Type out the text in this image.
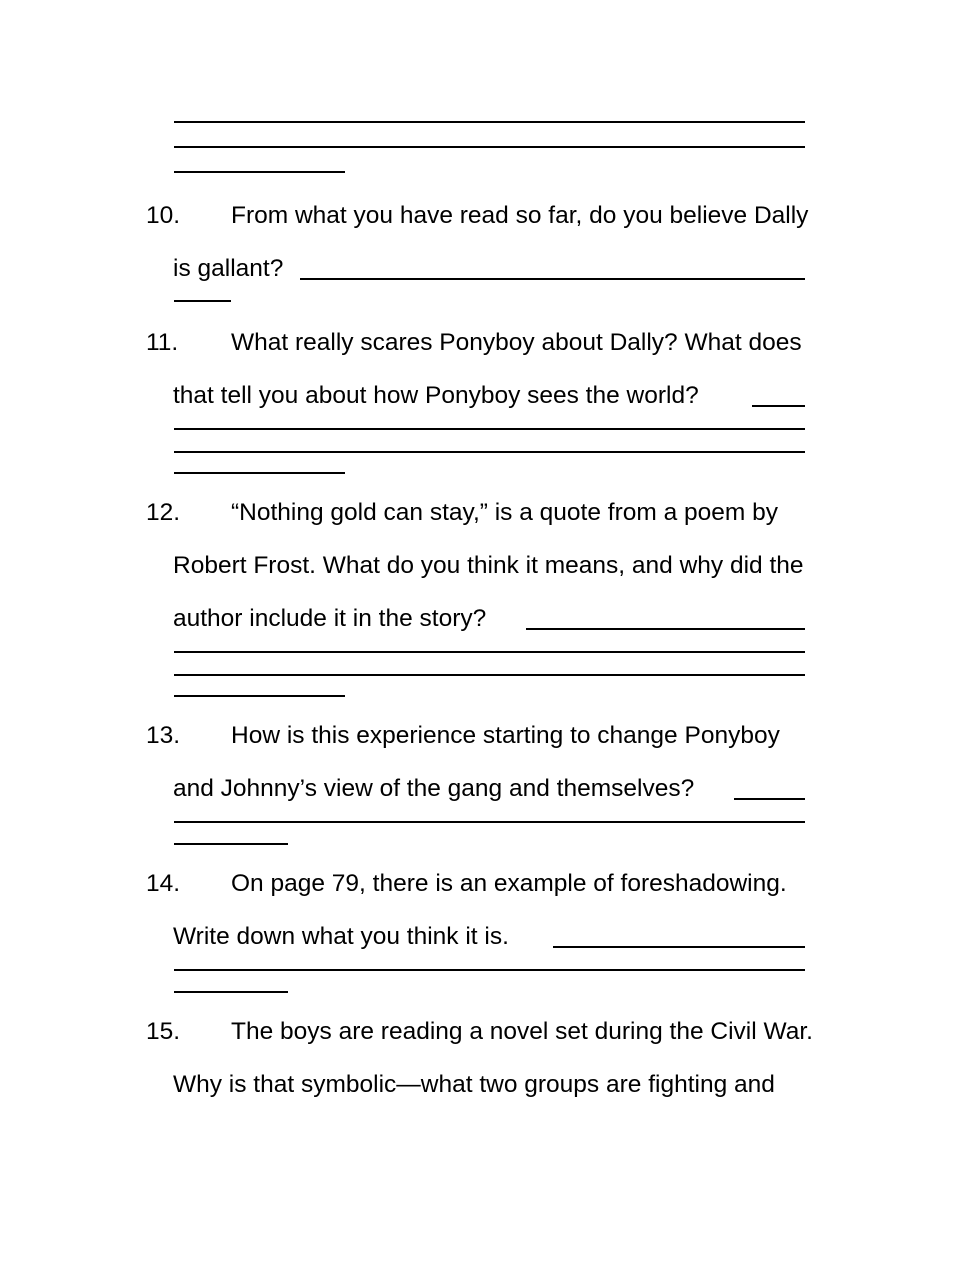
10. From what you have read so far, do you believe Dally
is gallant?
11. What really scares Ponyboy about Dally? What does
that tell you about how Ponyboy sees the world?
12. “Nothing gold can stay,” is a quote from a poem by
Robert Frost. What do you think it means, and why did the
author include it in the story?
13. How is this experience starting to change Ponyboy
and Johnny’s view of the gang and themselves?
14. On page 79, there is an example of foreshadowing.
Write down what you think it is.
15. The boys are reading a novel set during the Civil War.
Why is that symbolic—what two groups are fighting and
